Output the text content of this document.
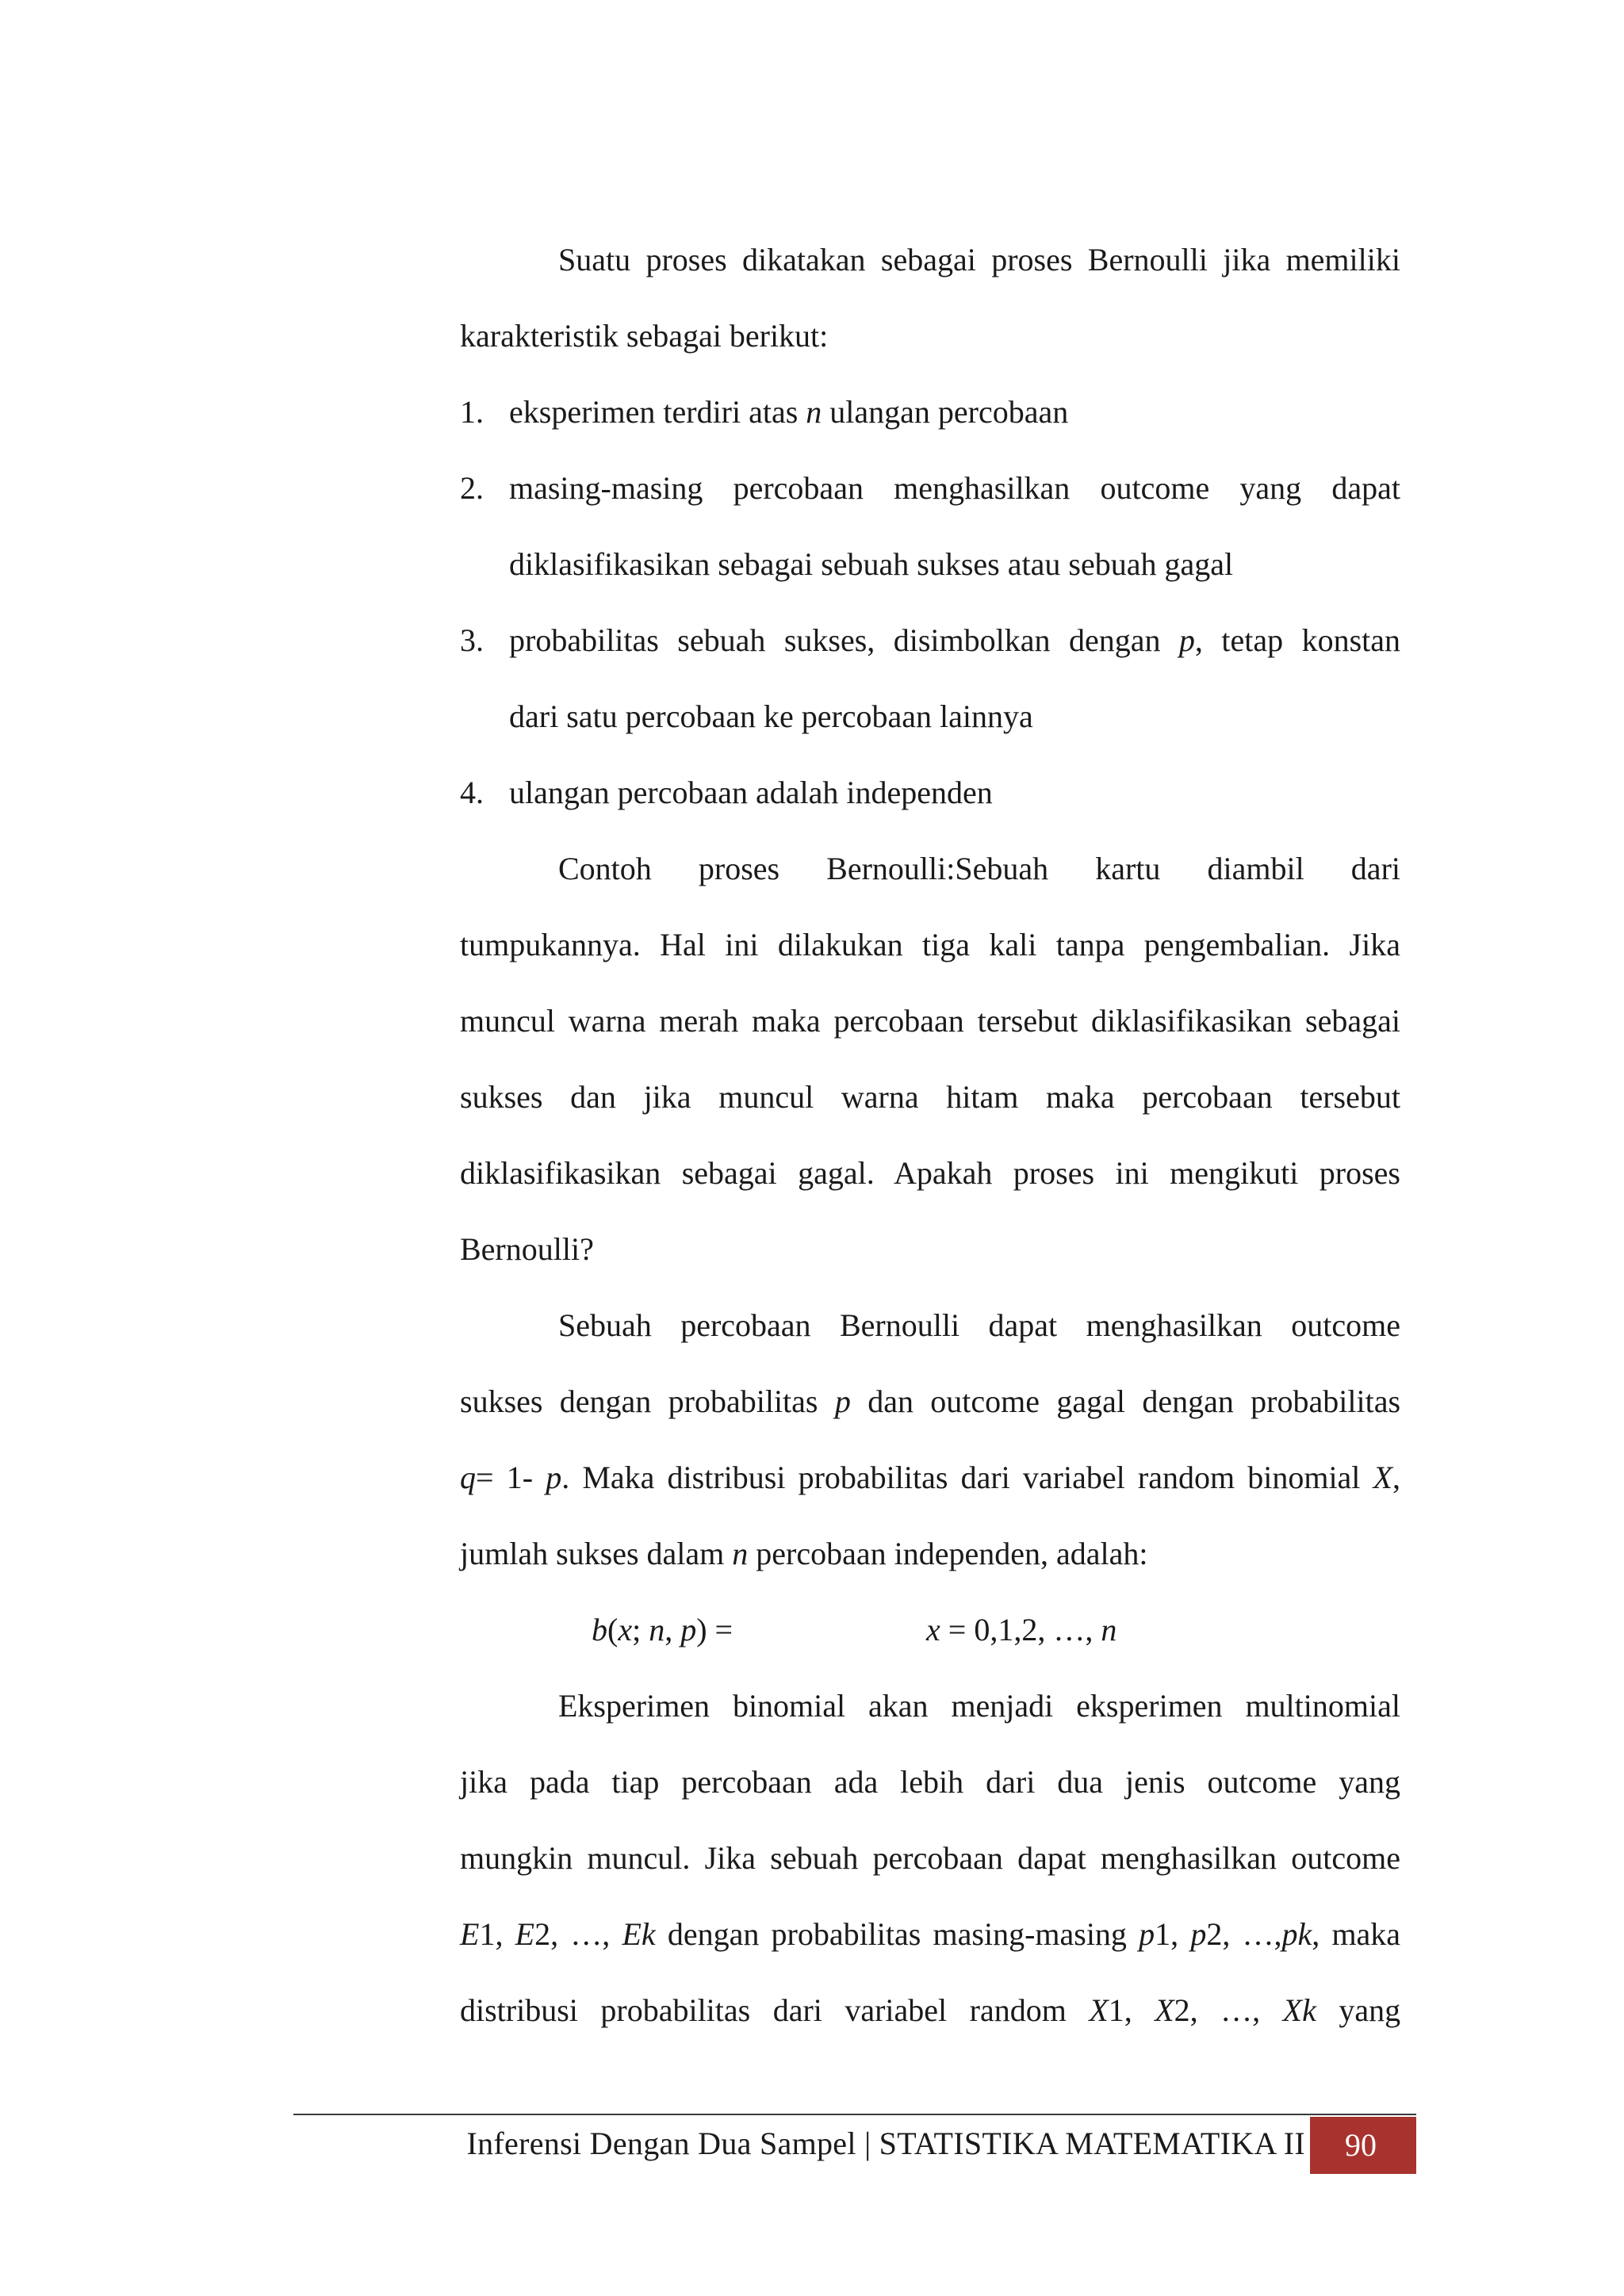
Suatu proses dikatakan sebagai proses Bernoulli jika memiliki

karakteristik sebagai berikut:

1. eksperimen terdiri atas n ulangan percobaan
2. masing-masing percobaan menghasilkan outcome yang dapat
diklasifikasikan sebagai sebuah sukses atau sebuah gagal
3. probabilitas sebuah sukses, disimbolkan dengan p, tetap konstan
dari satu percobaan ke percobaan lainnya
4. ulangan percobaan adalah independen

Contoh proses Bernoulli:Sebuah kartu diambil dari

tumpukannya. Hal ini dilakukan tiga kali tanpa pengembalian. Jika

muncul warna merah maka percobaan tersebut diklasifikasikan sebagai

sukses dan jika muncul warna hitam maka percobaan tersebut

diklasifikasikan sebagai gagal. Apakah proses ini mengikuti proses

Bernoulli?

Sebuah percobaan Bernoulli dapat menghasilkan outcome

sukses dengan probabilitas p dan outcome gagal dengan probabilitas

q= 1- p. Maka distribusi probabilitas dari variabel random binomial X,

jumlah sukses dalam n percobaan independen, adalah:

b(x; n, p) =	x = 0,1,2, …, n

Eksperimen binomial akan menjadi eksperimen multinomial

jika pada tiap percobaan ada lebih dari dua jenis outcome yang

mungkin muncul. Jika sebuah percobaan dapat menghasilkan outcome

E1, E2, …, Ek dengan probabilitas masing-masing p1, p2, …,pk, maka

distribusi probabilitas dari variabel random X1, X2, …, Xk yang

Inferensi Dengan Dua Sampel | STATISTIKA MATEMATIKA II	90
